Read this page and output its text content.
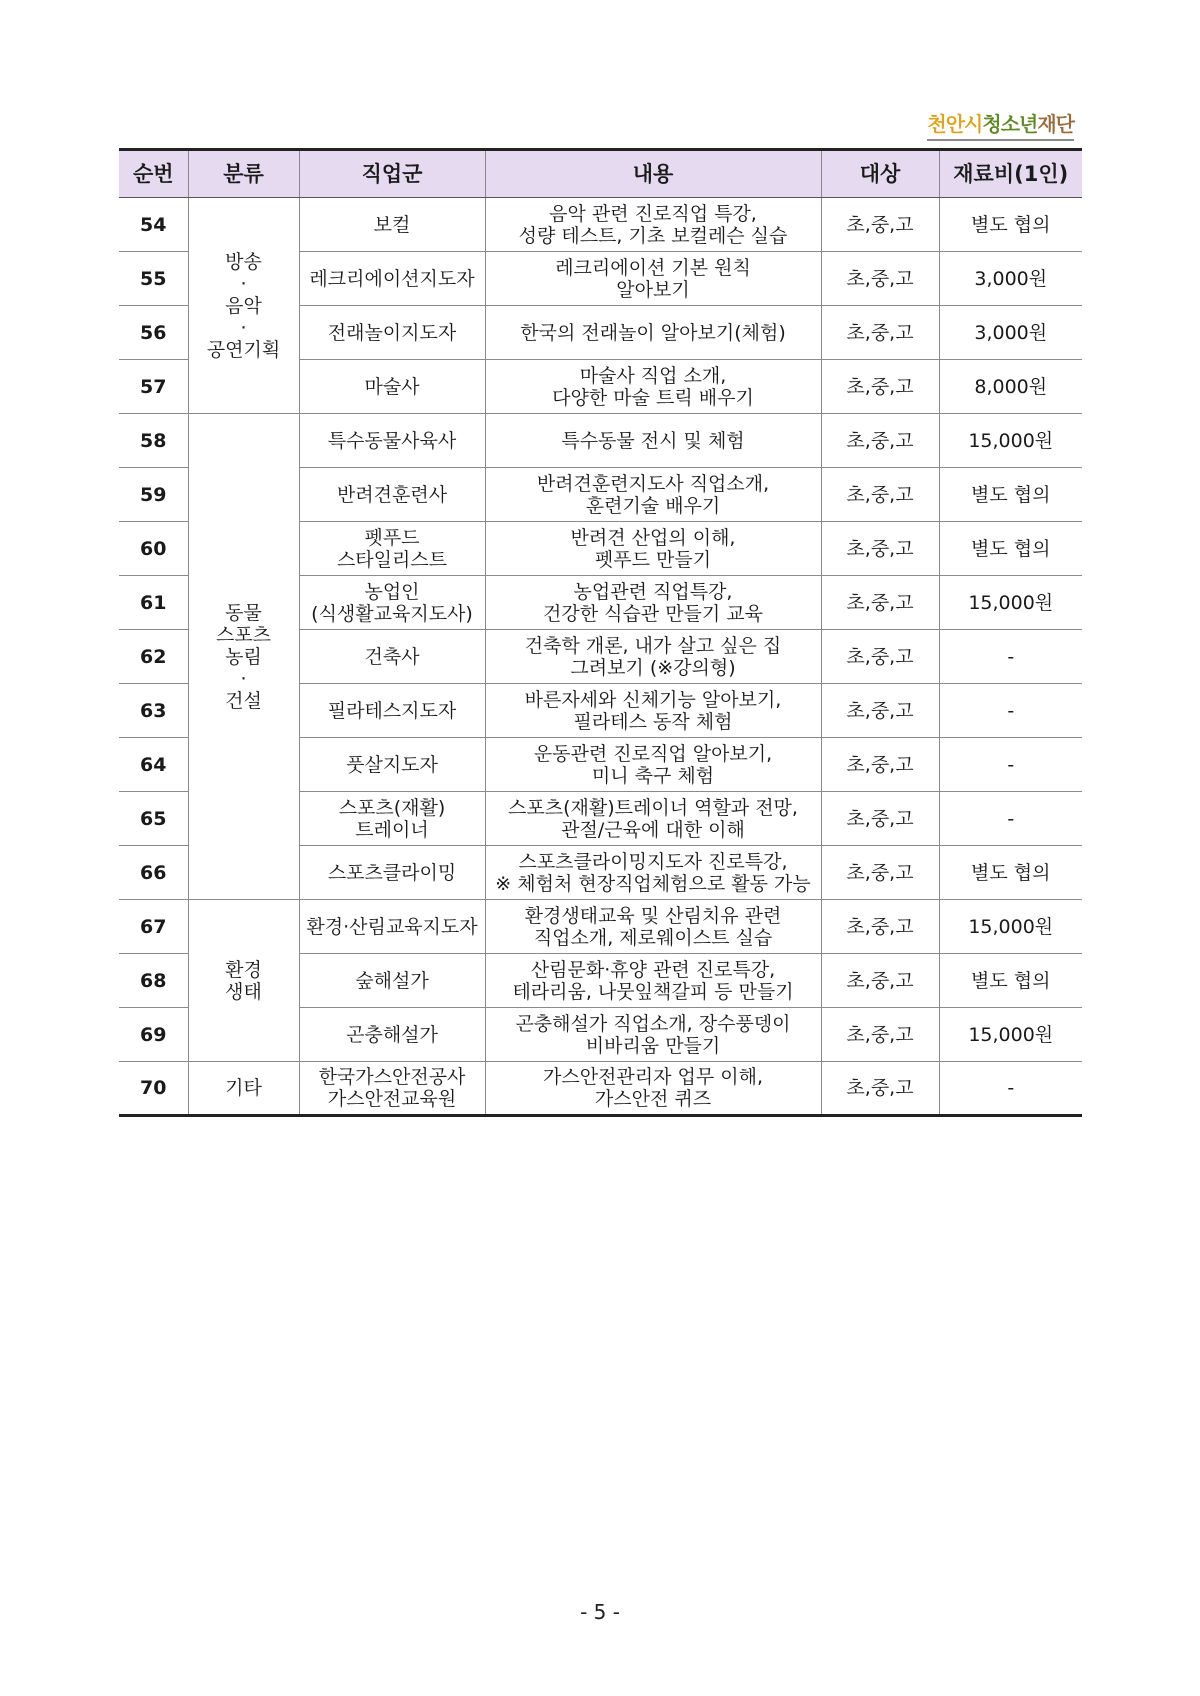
천안시청소년재단
순번	분류	직업군	내용	대상	재료비(1인)
54	방송
·
음악
·
공연기획	보컬	음악 관련 진로직업 특강,
성량 테스트, 기초 보컬레슨 실습	초,중,고	별도 협의
55		레크리에이션지도자	레크리에이션 기본 원칙
알아보기	초,중,고	3,000원
56		전래놀이지도자	한국의 전래놀이 알아보기(체험)	초,중,고	3,000원
57		마술사	마술사 직업 소개,
다양한 마술 트릭 배우기	초,중,고	8,000원
58	동물
스포츠
농림
·
건설	특수동물사육사	특수동물 전시 및 체험	초,중,고	15,000원
59		반려견훈련사	반려견훈련지도사 직업소개,
훈련기술 배우기	초,중,고	별도 협의
60		펫푸드
스타일리스트	반려견 산업의 이해,
펫푸드 만들기	초,중,고	별도 협의
61		농업인
(식생활교육지도사)	농업관련 직업특강,
건강한 식습관 만들기 교육	초,중,고	15,000원
62		건축사	건축학 개론, 내가 살고 싶은 집
그려보기 (※강의형)	초,중,고	-
63		필라테스지도자	바른자세와 신체기능 알아보기,
필라테스 동작 체험	초,중,고	-
64		풋살지도자	운동관련 진로직업 알아보기,
미니 축구 체험	초,중,고	-
65		스포츠(재활)
트레이너	스포츠(재활)트레이너 역할과 전망,
관절/근육에 대한 이해	초,중,고	-
66		스포츠클라이밍	스포츠클라이밍지도자 진로특강,
※ 체험처 현장직업체험으로 활동 가능	초,중,고	별도 협의
67	환경
생태	환경·산림교육지도자	환경생태교육 및 산림치유 관련
직업소개, 제로웨이스트 실습	초,중,고	15,000원
68		숲해설가	산림문화·휴양 관련 진로특강,
테라리움, 나뭇잎책갈피 등 만들기	초,중,고	별도 협의
69		곤충해설가	곤충해설가 직업소개, 장수풍뎅이
비바리움 만들기	초,중,고	15,000원
70	기타	한국가스안전공사
가스안전교육원	가스안전관리자 업무 이해,
가스안전 퀴즈	초,중,고	-
- 5 -
